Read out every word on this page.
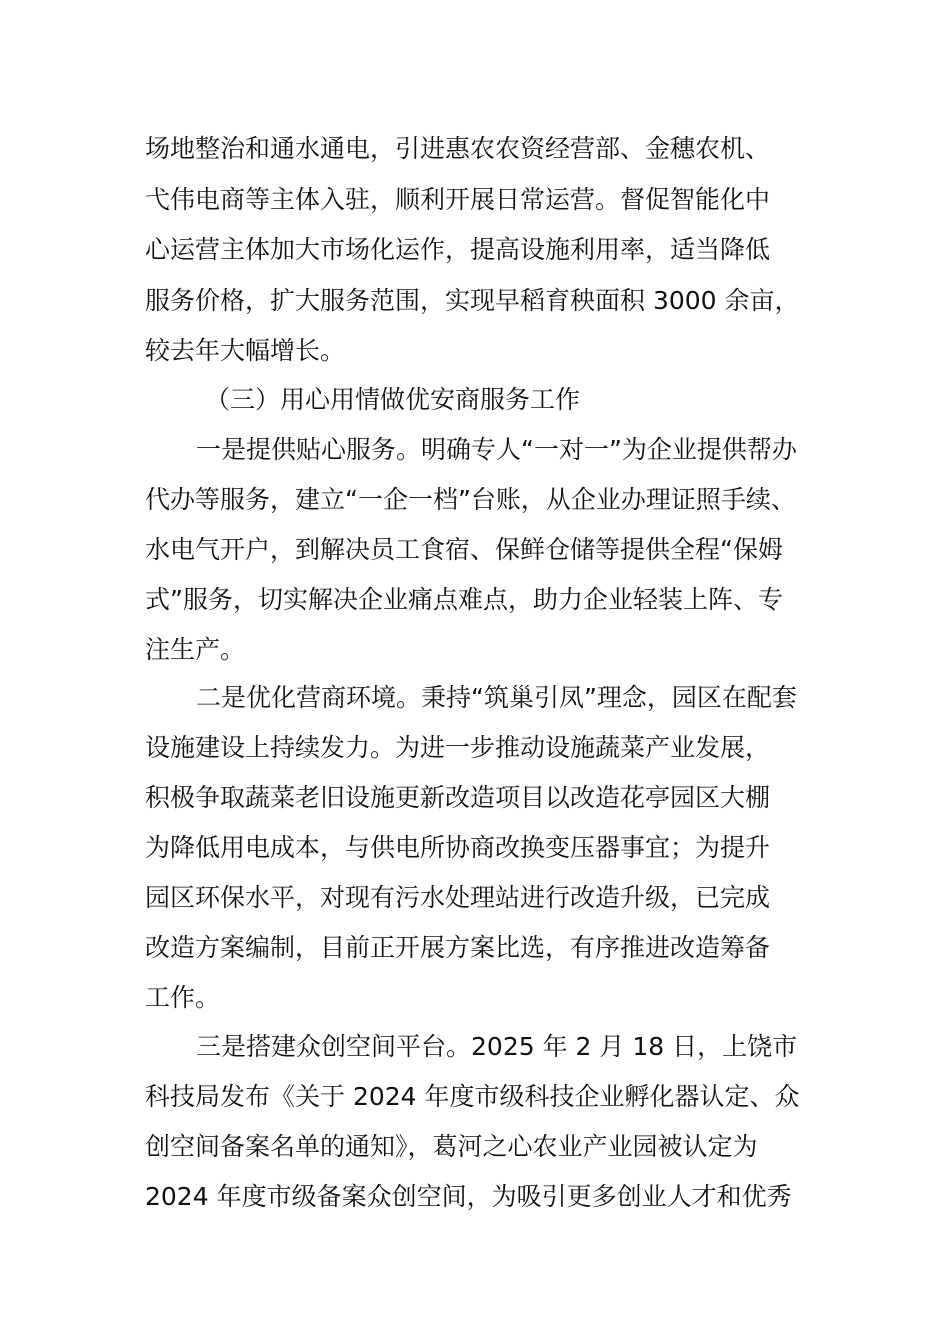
场地整治和通水通电，引进惠农农资经营部、金穗农机、
弋伟电商等主体入驻，顺利开展日常运营。督促智能化中
心运营主体加大市场化运作，提高设施利用率，适当降低
服务价格，扩大服务范围，实现早稻育秧面积 3000 余亩，
较去年大幅增长。
（三）用心用情做优安商服务工作
一是提供贴心服务。明确专人“一对一”为企业提供帮办
代办等服务，建立“一企一档”台账，从企业办理证照手续、
水电气开户，到解决员工食宿、保鲜仓储等提供全程“保姆
式”服务，切实解决企业痛点难点，助力企业轻装上阵、专
注生产。
二是优化营商环境。秉持“筑巢引凤”理念，园区在配套
设施建设上持续发力。为进一步推动设施蔬菜产业发展，
积极争取蔬菜老旧设施更新改造项目以改造花亭园区大棚
为降低用电成本，与供电所协商改换变压器事宜；为提升
园区环保水平，对现有污水处理站进行改造升级，已完成
改造方案编制，目前正开展方案比选，有序推进改造筹备
工作。
三是搭建众创空间平台。2025 年 2 月 18 日，上饶市
科技局发布《关于 2024 年度市级科技企业孵化器认定、众
创空间备案名单的通知》，葛河之心农业产业园被认定为
2024 年度市级备案众创空间，为吸引更多创业人才和优秀
